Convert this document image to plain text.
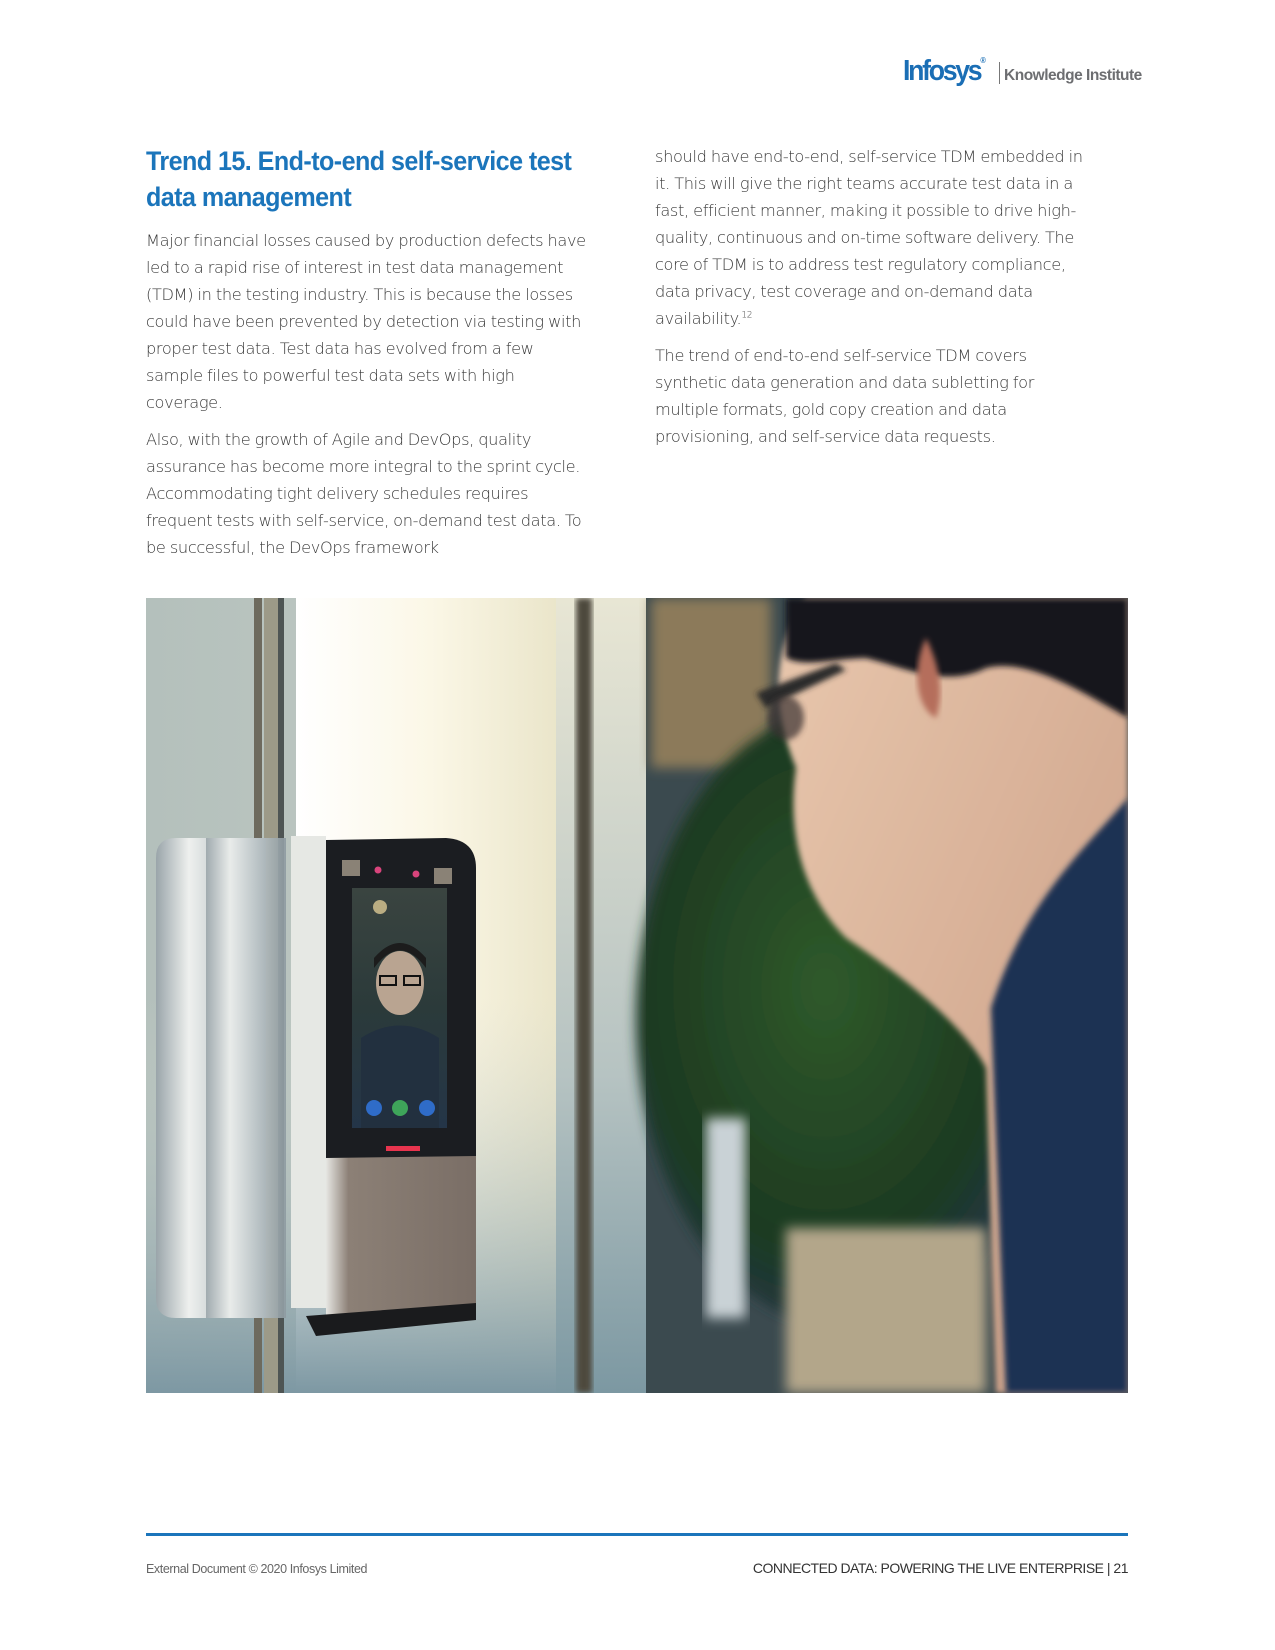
Infosys ®
Knowledge Institute
Trend 15. End-to-end self-service test data management

Major financial losses caused by production defects have led to a rapid rise of interest in test data management (TDM) in the testing industry. This is because the losses could have been prevented by detection via testing with proper test data. Test data has evolved from a few sample files to powerful test data sets with high coverage.

Also, with the growth of Agile and DevOps, quality assurance has become more integral to the sprint cycle. Accommodating tight delivery schedules requires frequent tests with self-service, on-demand test data. To be successful, the DevOps framework

should have end-to-end, self-service TDM embedded in it. This will give the right teams accurate test data in a fast, efficient manner, making it possible to drive high-quality, continuous and on-time software delivery. The core of TDM is to address test regulatory compliance, data privacy, test coverage and on-demand data availability.$^{12}$

The trend of end-to-end self-service TDM covers synthetic data generation and data subletting for multiple formats, gold copy creation and data provisioning, and self-service data requests.

External Document © 2020 Infosys Limited	CONNECTED DATA: POWERING THE LIVE ENTERPRISE | 21
